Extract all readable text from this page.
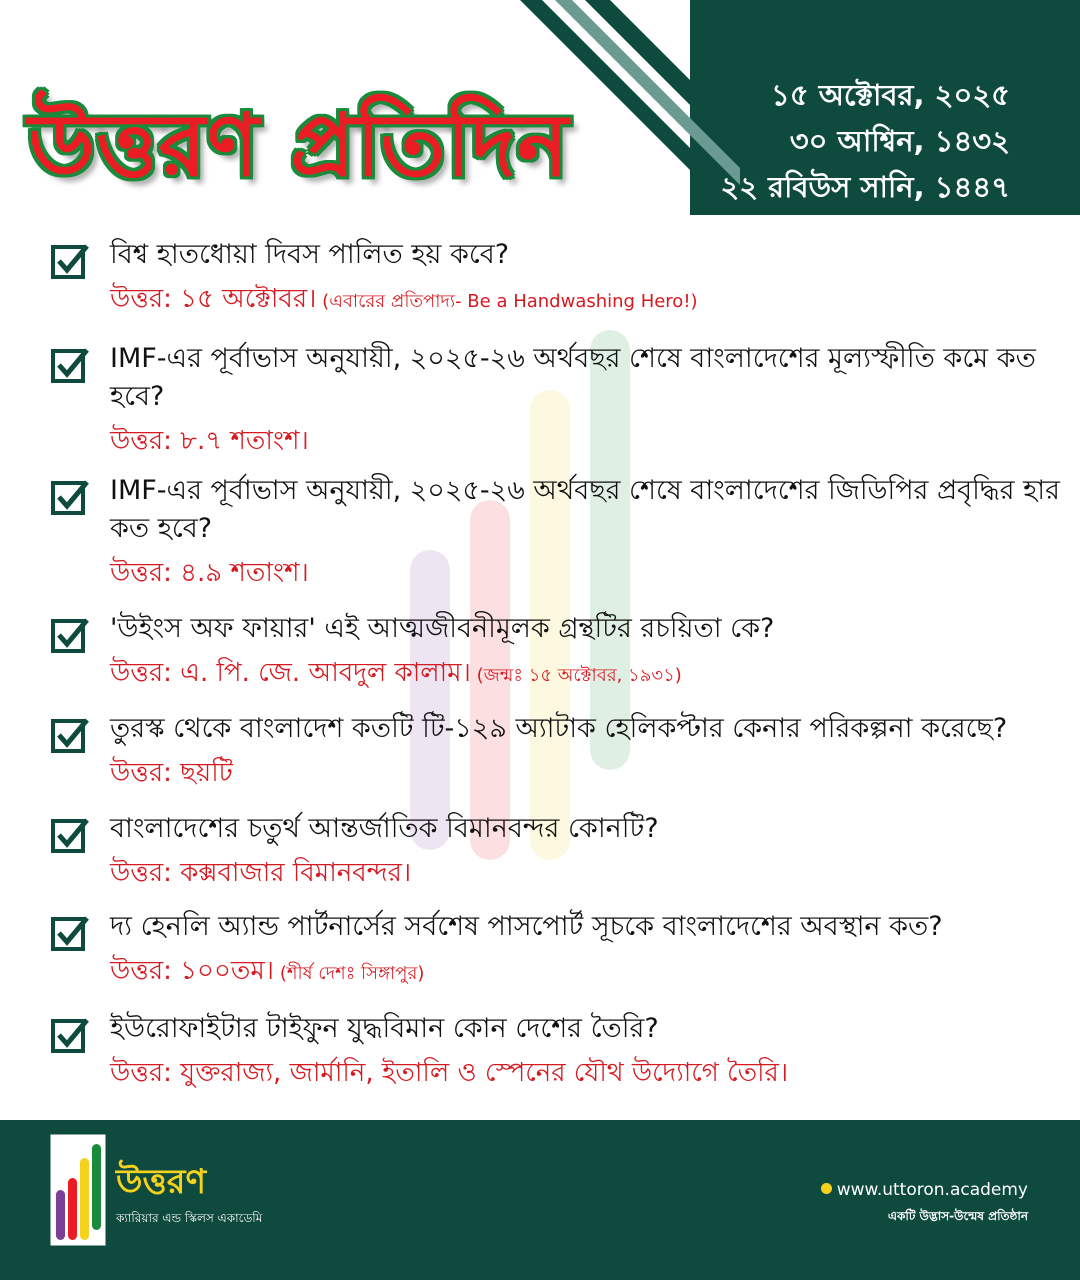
উত্তরণ প্রতিদিন
১৫ অক্টোবর, ২০২৫
৩০ আশ্বিন, ১৪৩২
২২ রবিউস সানি, ১৪৪৭
বিশ্ব হাতধোয়া দিবস পালিত হয় কবে?
উত্তর: ১৫ অক্টোবর। (এবারের প্রতিপাদ্য- Be a Handwashing Hero!)
IMF-এর পূর্বাভাস অনুযায়ী, ২০২৫-২৬ অর্থবছর শেষে বাংলাদেশের মূল্যস্ফীতি কমে কত হবে?
উত্তর: ৮.৭ শতাংশ।
IMF-এর পূর্বাভাস অনুযায়ী, ২০২৫-২৬ অর্থবছর শেষে বাংলাদেশের জিডিপির প্রবৃদ্ধির হার কত হবে?
উত্তর: ৪.৯ শতাংশ।
'উইংস অফ ফায়ার' এই আত্মজীবনীমূলক গ্রন্থটির রচয়িতা কে?
উত্তর: এ. পি. জে. আবদুল কালাম। (জন্মঃ ১৫ অক্টোবর, ১৯৩১)
তুরস্ক থেকে বাংলাদেশ কতটি টি-১২৯ অ্যাটাক হেলিকপ্টার কেনার পরিকল্পনা করেছে?
উত্তর: ছয়টি
বাংলাদেশের চতুর্থ আন্তর্জাতিক বিমানবন্দর কোনটি?
উত্তর: কক্সবাজার বিমানবন্দর।
দ্য হেনলি অ্যান্ড পার্টনার্সের সর্বশেষ পাসপোর্ট সূচকে বাংলাদেশের অবস্থান কত?
উত্তর: ১০০তম। (শীর্ষ দেশঃ সিঙ্গাপুর)
ইউরোফাইটার টাইফুন যুদ্ধবিমান কোন দেশের তৈরি?
উত্তর: যুক্তরাজ্য, জার্মানি, ইতালি ও স্পেনের যৌথ উদ্যোগে তৈরি।
উত্তরণ
ক্যারিয়ার এন্ড স্কিলস একাডেমি
www.uttoron.academy
একটি উদ্ভাস-উন্মেষ প্রতিষ্ঠান
